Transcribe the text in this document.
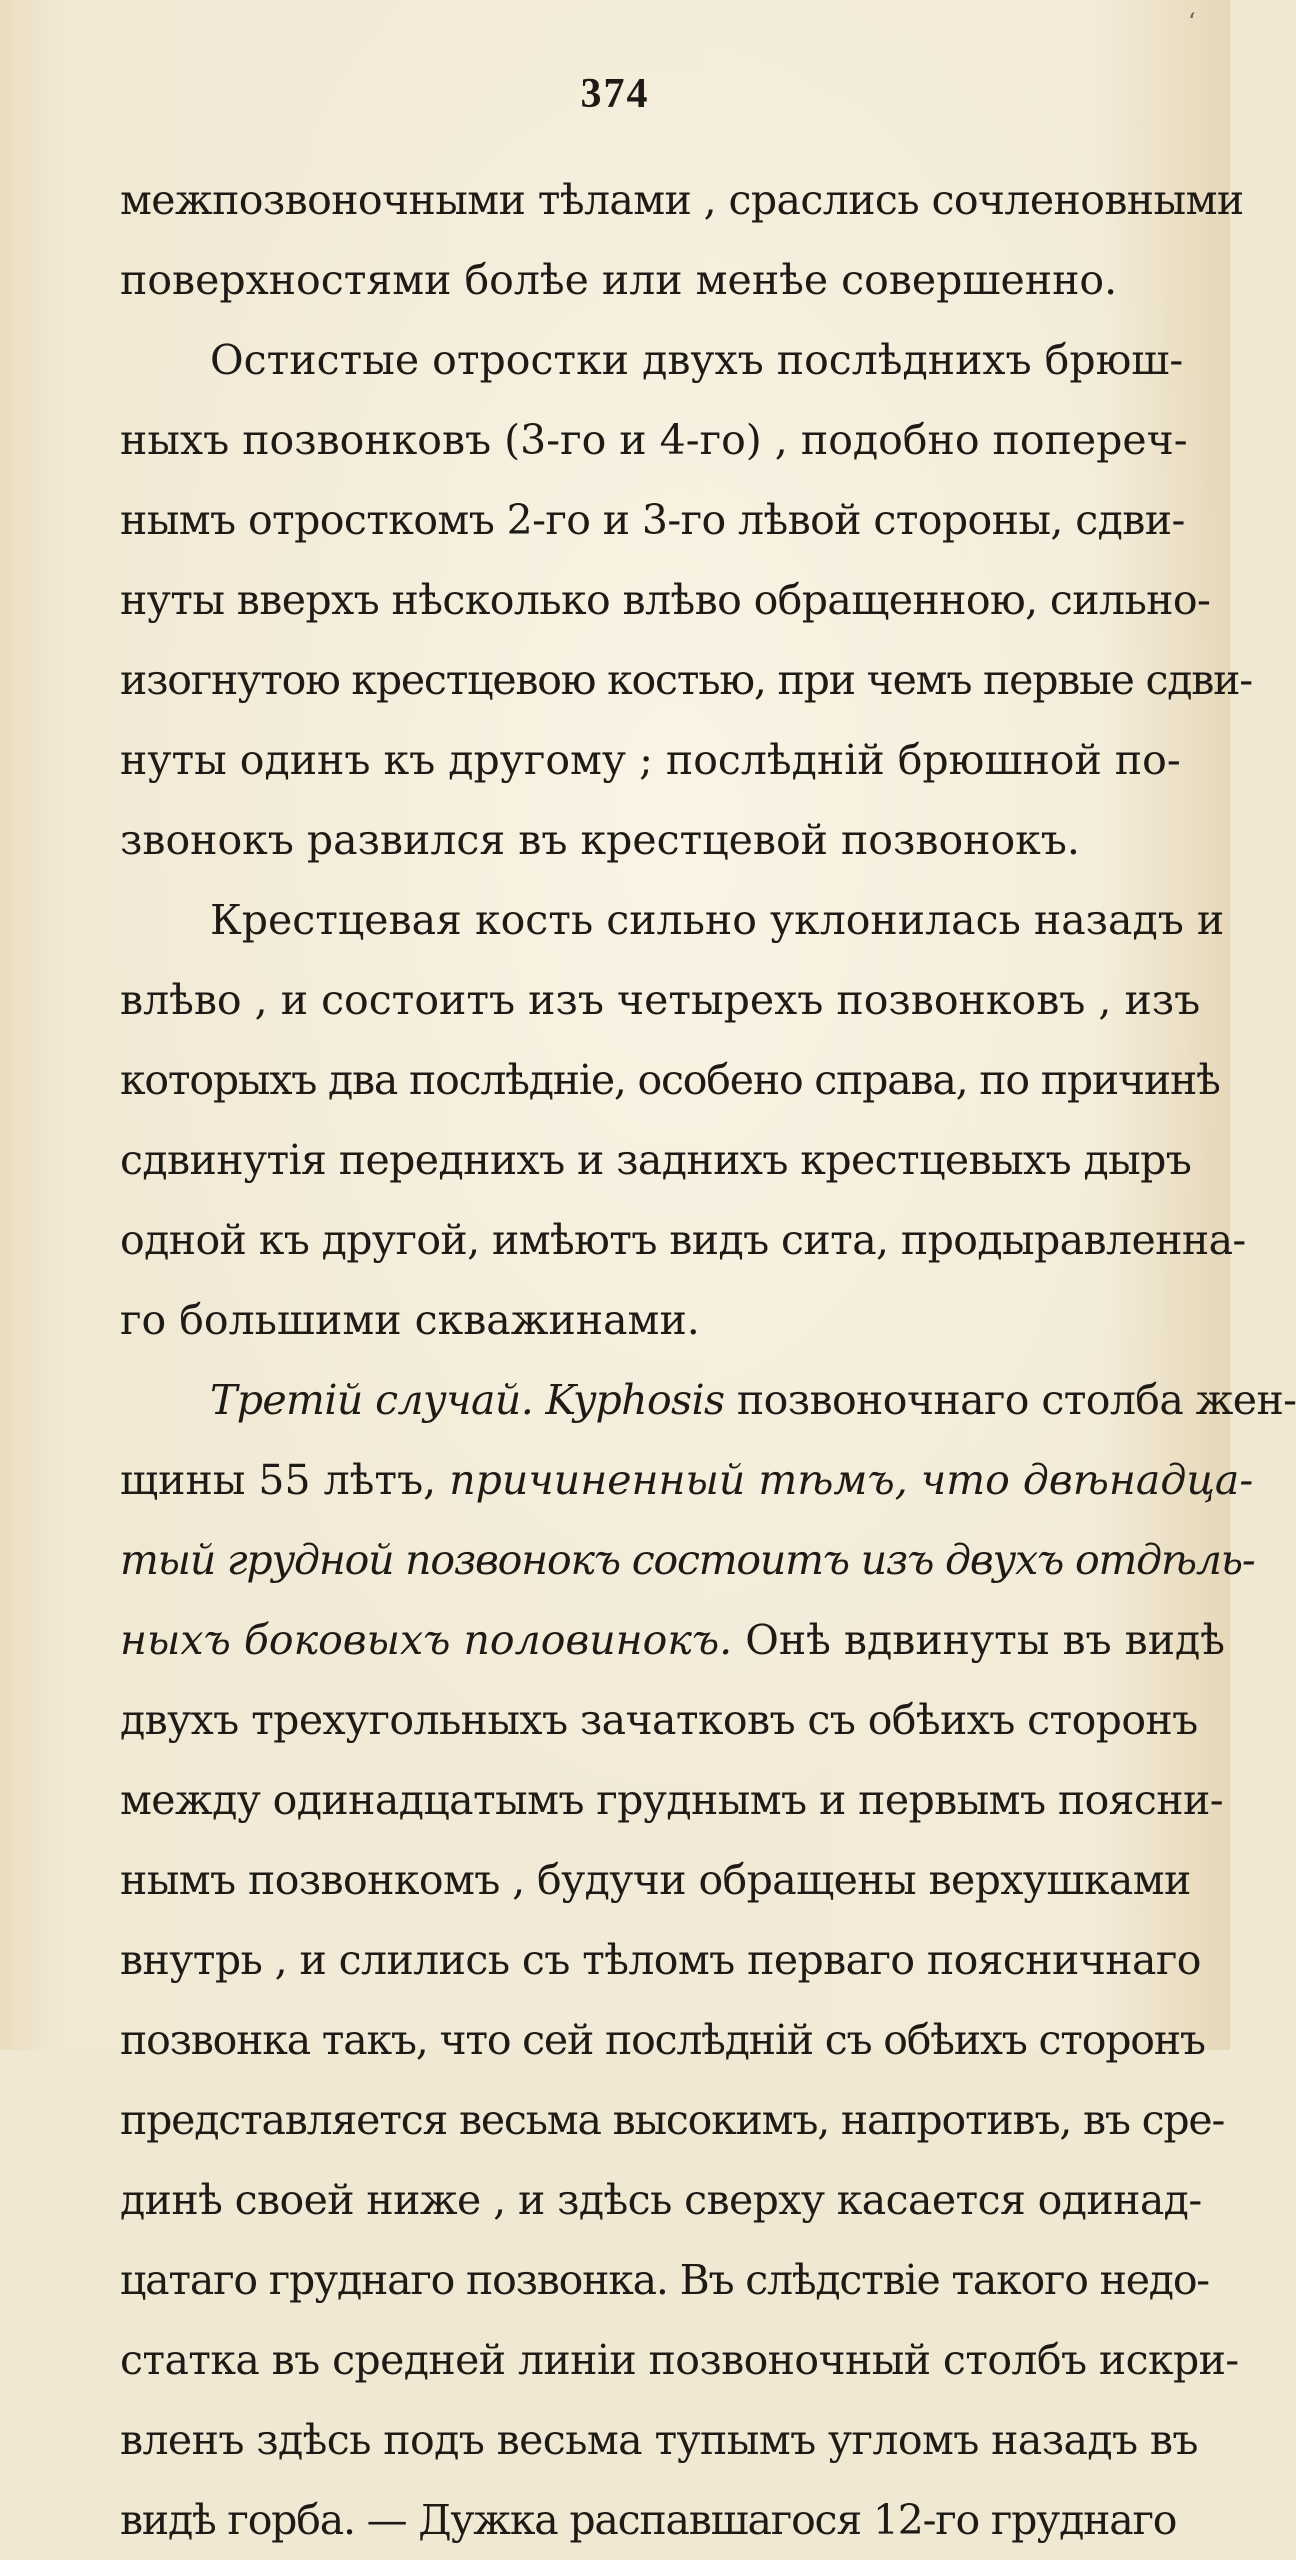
‘
374

межпозвоночными тѣлами , сраслись сочленовными

поверхностями болѣе или менѣе совершенно.

Остистые отростки двухъ послѣднихъ брюш-

ныхъ позвонковъ (3-го и 4-го) , подобно попереч-

нымъ отросткомъ 2-го и 3-го лѣвой стороны, сдви-

нуты вверхъ нѣсколько влѣво обращенною, сильно-

изогнутою крестцевою костью, при чемъ первые сдви-

нуты одинъ къ другому ; послѣднiй брюшной по-

звонокъ развился въ крестцевой позвонокъ.

Крестцевая кость сильно уклонилась назадъ и

влѣво , и состоитъ изъ четырехъ позвонковъ , изъ

которыхъ два послѣднiе, особено справа, по причинѣ

сдвинутiя переднихъ и заднихъ крестцевыхъ дыръ

одной къ другой, имѣютъ видъ сита, продыравленна-

го большими скважинами.

Третiй случай. Kyphosis позвоночнаго столба жен-

щины 55 лѣтъ, причиненный тѣмъ, что двѣнадца-

тый грудной позвонокъ состоитъ изъ двухъ отдѣль-

ныхъ боковыхъ половинокъ. Онѣ вдвинуты въ видѣ

двухъ трехугольныхъ зачатковъ съ обѣихъ сторонъ

между одинадцатымъ груднымъ и первымъ поясни-

нымъ позвонкомъ , будучи обращены верхушками

внутрь , и слились съ тѣломъ перваго поясничнаго

позвонка такъ, что сей послѣднiй съ обѣихъ сторонъ

представляется весьма высокимъ, напротивъ, въ сре-

динѣ своей ниже , и здѣсь сверху касается одинад-

цатаго груднаго позвонка. Въ слѣдствiе такого недо-

статка въ средней линiи позвоночный столбъ искри-

вленъ здѣсь подъ весьма тупымъ угломъ назадъ въ

видѣ горба. — Дужка распавшагося 12-го груднаго
